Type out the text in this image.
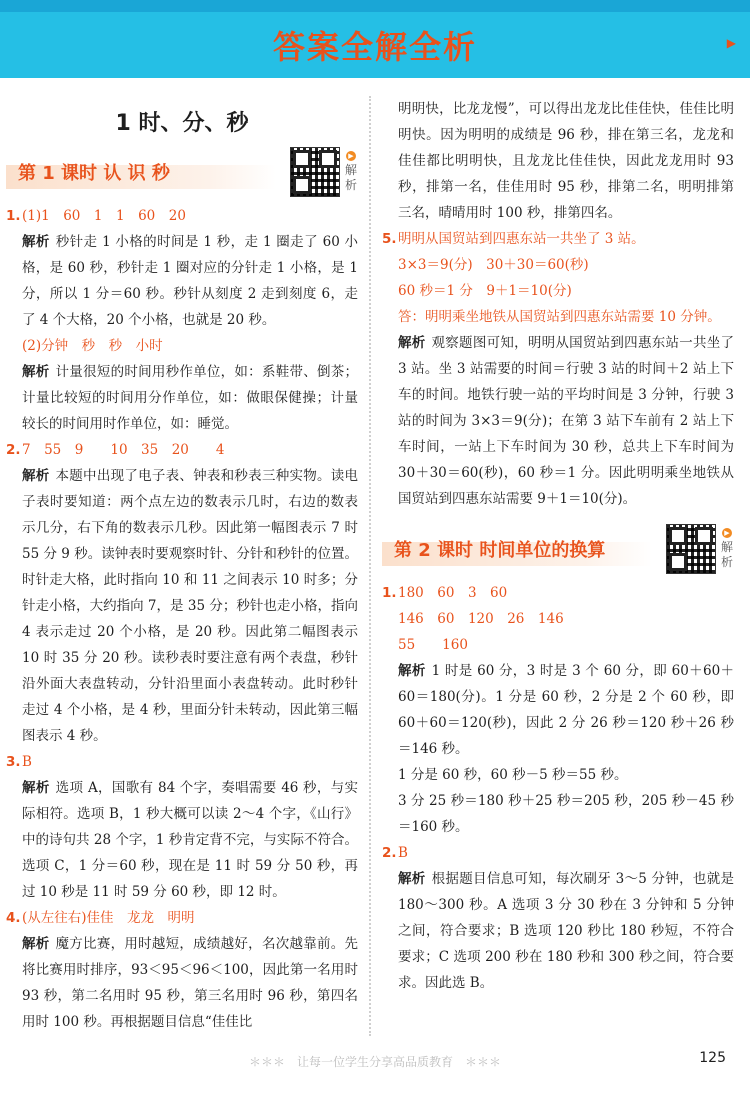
答案全解全析	▶
1 时、分、秒
第 1 课时 认 识 秒
▶
解析

1.(1)1　60　1　1　60　20

解析 秒针走 1 小格的时间是 1 秒，走 1 圈走了 60 小格，是 60 秒，秒针走 1 圈对应的分针走 1 小格，是 1 分，所以 1 分＝60 秒。秒针从刻度 2 走到刻度 6，走了 4 个大格，20 个小格，也就是 20 秒。

(2)分钟　秒　秒　小时

解析 计量很短的时间用秒作单位，如：系鞋带、倒茶；计量比较短的时间用分作单位，如：做眼保健操；计量较长的时间用时作单位，如：睡觉。

2.7　55　9　　10　35　20　　4

解析 本题中出现了电子表、钟表和秒表三种实物。读电子表时要知道：两个点左边的数表示几时，右边的数表示几分，右下角的数表示几秒。因此第一幅图表示 7 时 55 分 9 秒。读钟表时要观察时针、分针和秒针的位置。时针走大格，此时指向 10 和 11 之间表示 10 时多；分针走小格，大约指向 7，是 35 分；秒针也走小格，指向 4 表示走过 20 个小格，是 20 秒。因此第二幅图表示 10 时 35 分 20 秒。读秒表时要注意有两个表盘，秒针沿外面大表盘转动，分针沿里面小表盘转动。此时秒针走过 4 个小格，是 4 秒，里面分针未转动，因此第三幅图表示 4 秒。

3.B

解析 选项 A，国歌有 84 个字，奏唱需要 46 秒，与实际相符。选项 B，1 秒大概可以读 2～4 个字，《山行》中的诗句共 28 个字，1 秒肯定背不完，与实际不符合。选项 C，1 分＝60 秒，现在是 11 时 59 分 50 秒，再过 10 秒是 11 时 59 分 60 秒，即 12 时。

4.(从左往右)佳佳　龙龙　明明

解析 魔方比赛，用时越短，成绩越好，名次越靠前。先将比赛用时排序，93＜95＜96＜100，因此第一名用时 93 秒，第二名用时 95 秒，第三名用时 96 秒，第四名用时 100 秒。再根据题目信息“佳佳比

明明快，比龙龙慢”，可以得出龙龙比佳佳快，佳佳比明明快。因为明明的成绩是 96 秒，排在第三名，龙龙和佳佳都比明明快，且龙龙比佳佳快，因此龙龙用时 93 秒，排第一名，佳佳用时 95 秒，排第二名，明明排第三名，晴晴用时 100 秒，排第四名。

5.明明从国贸站到四惠东站一共坐了 3 站。

3×3＝9(分)　30＋30＝60(秒)

60 秒＝1 分　9＋1＝10(分)

答：明明乘坐地铁从国贸站到四惠东站需要 10 分钟。

解析 观察题图可知，明明从国贸站到四惠东站一共坐了 3 站。坐 3 站需要的时间＝行驶 3 站的时间＋2 站上下车的时间。地铁行驶一站的平均时间是 3 分钟，行驶 3 站的时间为 3×3＝9(分)；在第 3 站下车前有 2 站上下车时间，一站上下车时间为 30 秒，总共上下车时间为 30＋30＝60(秒)，60 秒＝1 分。因此明明乘坐地铁从国贸站到四惠东站需要 9＋1＝10(分)。

第 2 课时 时间单位的换算
▶
解析

1.180　60　3　60

146　60　120　26　146

55　　160

解析 1 时是 60 分，3 时是 3 个 60 分，即 60＋60＋60＝180(分)。1 分是 60 秒，2 分是 2 个 60 秒，即 60＋60＝120(秒)，因此 2 分 26 秒＝120 秒＋26 秒＝146 秒。

1 分是 60 秒，60 秒－5 秒＝55 秒。

3 分 25 秒＝180 秒＋25 秒＝205 秒，205 秒－45 秒＝160 秒。

2.B

解析 根据题目信息可知，每次刷牙 3～5 分钟，也就是 180～300 秒。A 选项 3 分 30 秒在 3 分钟和 5 分钟之间，符合要求；B 选项 120 秒比 180 秒短，不符合要求；C 选项 200 秒在 180 秒和 300 秒之间，符合要求。因此选 B。

＊＊＊　让每一位学生分享高品质教育　＊＊＊	125
